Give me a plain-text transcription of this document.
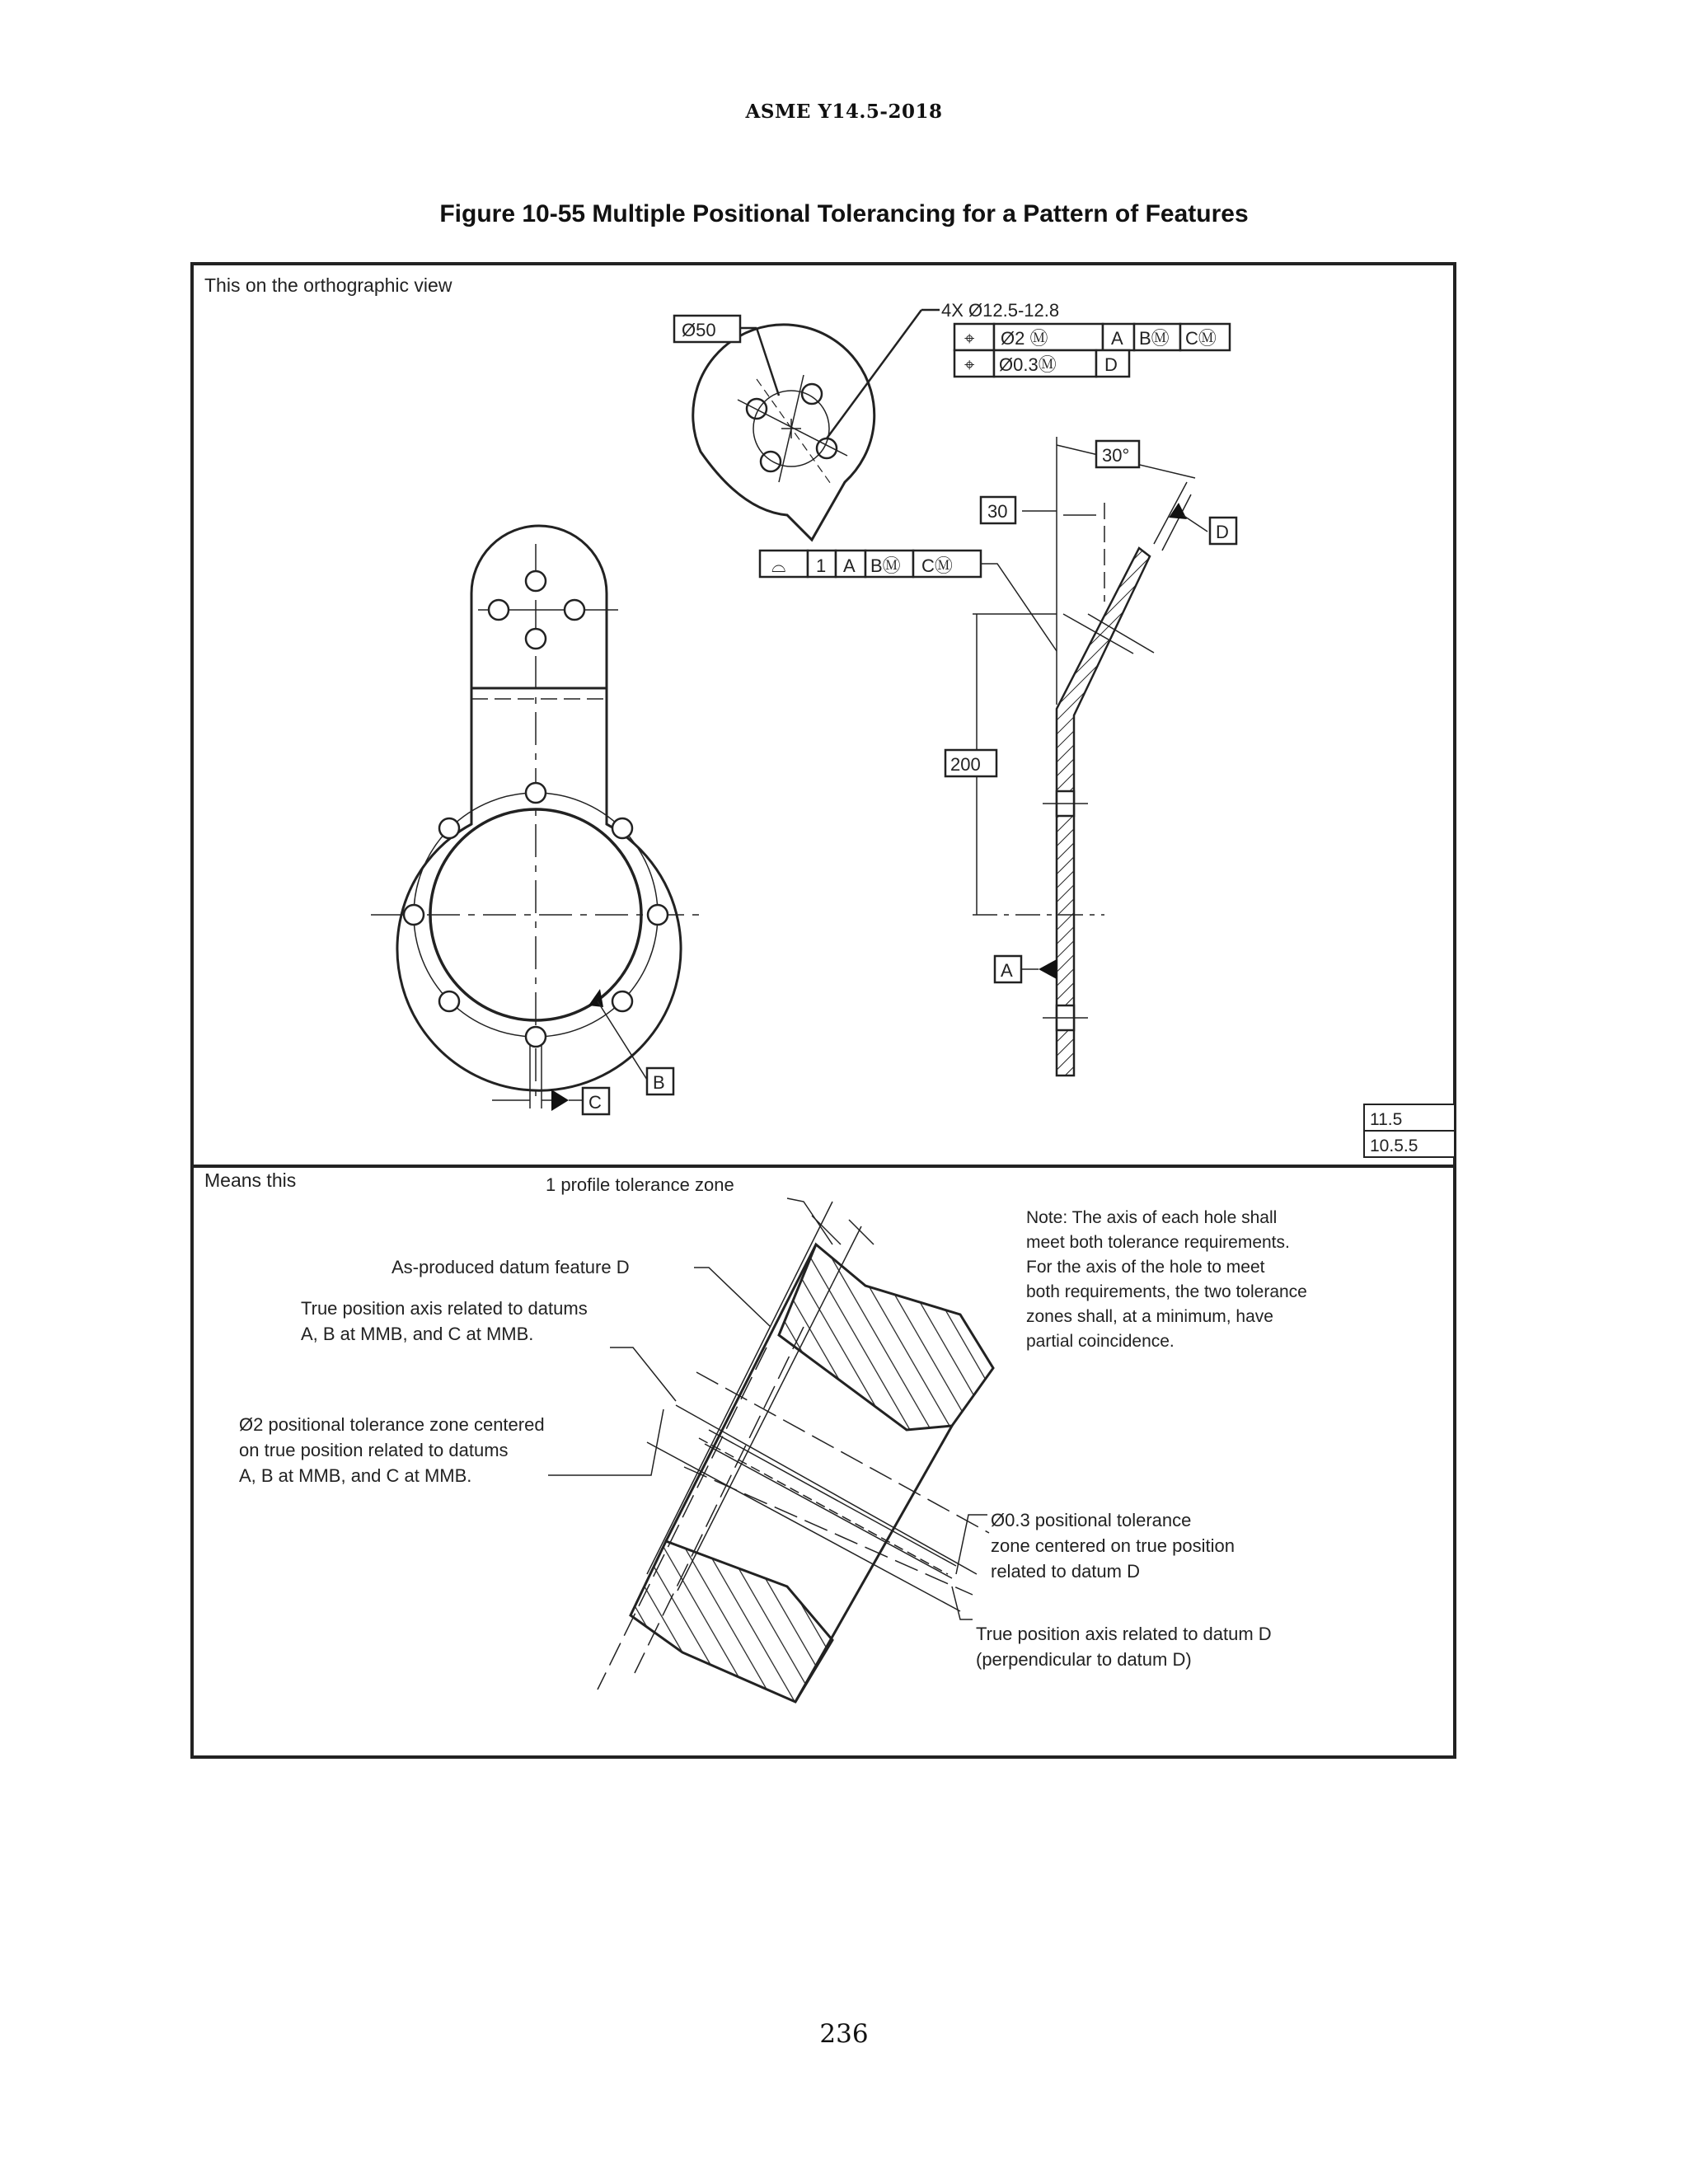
ASME Y14.5-2018
Figure 10-55 Multiple Positional Tolerancing for a Pattern of Features
This on the orthographic view
Ø50
4X Ø12.5-12.8
⌖ Ø2 Ⓜ	A BⓂ CⓂ
⌖ Ø0.3Ⓜ	D
B
C
30
30°
D
200
A
⌓ 1 A BⓂ CⓂ
11.5
10.5.5
Means this	1 profile tolerance zone
As-produced datum feature D
True position axis related to datums
A, B at MMB, and C at MMB.
Ø2 positional tolerance zone centered
on true position related to datums
A, B at MMB, and C at MMB.
Ø0.3 positional tolerance
zone centered on true position
related to datum D
True position axis related to datum D
(perpendicular to datum D)
Note: The axis of each hole shall
meet both tolerance requirements.
For the axis of the hole to meet
both requirements, the two tolerance
zones shall, at a minimum, have
partial coincidence.
236
